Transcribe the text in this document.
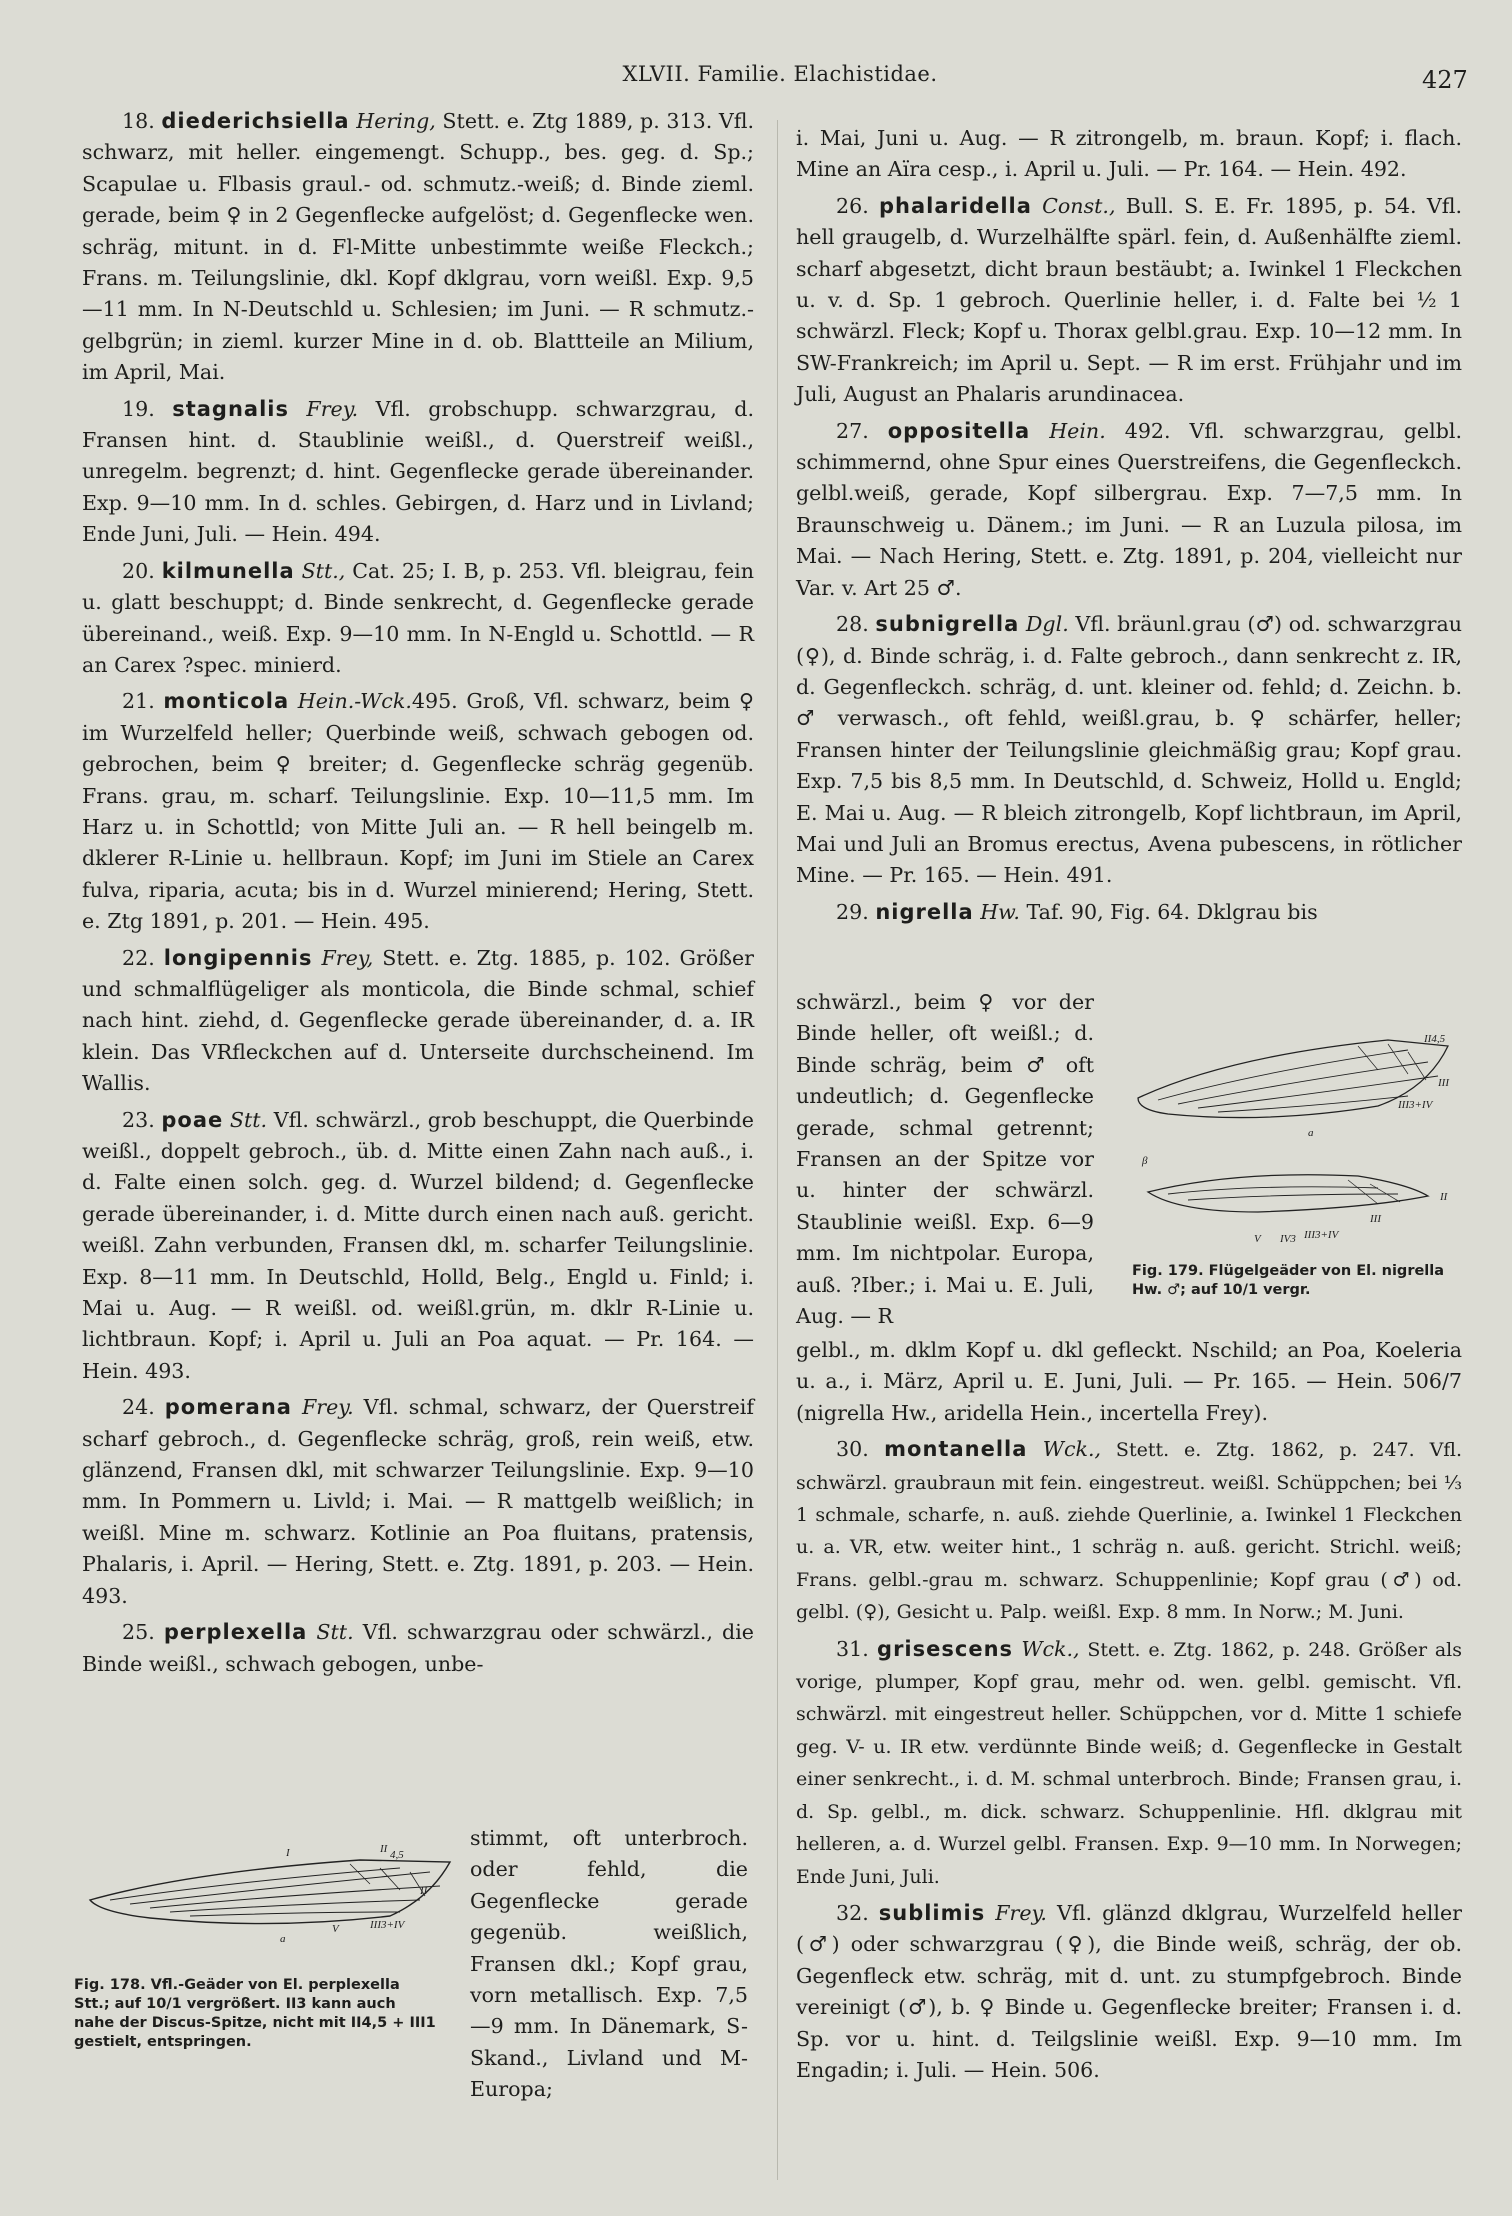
XLVII. Familie. Elachistidae.	427

18. diederichsiella Hering, Stett. e. Ztg 1889, p. 313. Vfl. schwarz, mit heller. eingemengt. Schupp., bes. geg. d. Sp.; Scapulae u. Flbasis graul.- od. schmutz.-weiß; d. Binde zieml. gerade, beim ♀ in 2 Gegenflecke aufgelöst; d. Gegenflecke wen. schräg, mitunt. in d. Fl-Mitte unbestimmte weiße Fleckch.; Frans. m. Teilungslinie, dkl. Kopf dklgrau, vorn weißl. Exp. 9,5—11 mm. In N-Deutschld u. Schlesien; im Juni. — R schmutz.-gelbgrün; in zieml. kurzer Mine in d. ob. Blattteile an Milium, im April, Mai.

19. stagnalis Frey. Vfl. grobschupp. schwarzgrau, d. Fransen hint. d. Staublinie weißl., d. Querstreif weißl., unregelm. begrenzt; d. hint. Gegenflecke gerade übereinander. Exp. 9—10 mm. In d. schles. Gebirgen, d. Harz und in Livland; Ende Juni, Juli. — Hein. 494.

20. kilmunella Stt., Cat. 25; I. B, p. 253. Vfl. bleigrau, fein u. glatt beschuppt; d. Binde senkrecht, d. Gegenflecke gerade übereinand., weiß. Exp. 9—10 mm. In N-Engld u. Schottld. — R an Carex ?spec. minierd.

21. monticola Hein.-Wck.495. Groß, Vfl. schwarz, beim ♀ im Wurzelfeld heller; Querbinde weiß, schwach gebogen od. gebrochen, beim ♀ breiter; d. Gegenflecke schräg gegenüb. Frans. grau, m. scharf. Teilungslinie. Exp. 10—11,5 mm. Im Harz u. in Schottld; von Mitte Juli an. — R hell beingelb m. dklerer R-Linie u. hellbraun. Kopf; im Juni im Stiele an Carex fulva, riparia, acuta; bis in d. Wurzel minierend; Hering, Stett. e. Ztg 1891, p. 201. — Hein. 495.

22. longipennis Frey, Stett. e. Ztg. 1885, p. 102. Größer und schmalflügeliger als monticola, die Binde schmal, schief nach hint. ziehd, d. Gegenflecke gerade übereinander, d. a. IR klein. Das VRfleckchen auf d. Unterseite durchscheinend. Im Wallis.

23. poae Stt. Vfl. schwärzl., grob beschuppt, die Querbinde weißl., doppelt gebroch., üb. d. Mitte einen Zahn nach auß., i. d. Falte einen solch. geg. d. Wurzel bildend; d. Gegenflecke gerade übereinander, i. d. Mitte durch einen nach auß. gericht. weißl. Zahn verbunden, Fransen dkl, m. scharfer Teilungslinie. Exp. 8—11 mm. In Deutschld, Holld, Belg., Engld u. Finld; i. Mai u. Aug. — R weißl. od. weißl.grün, m. dklr R-Linie u. lichtbraun. Kopf; i. April u. Juli an Poa aquat. — Pr. 164. — Hein. 493.

24. pomerana Frey. Vfl. schmal, schwarz, der Querstreif scharf gebroch., d. Gegenflecke schräg, groß, rein weiß, etw. glänzend, Fransen dkl, mit schwarzer Teilungslinie. Exp. 9—10 mm. In Pommern u. Livld; i. Mai. — R mattgelb weißlich; in weißl. Mine m. schwarz. Kotlinie an Poa fluitans, pratensis, Phalaris, i. April. — Hering, Stett. e. Ztg. 1891, p. 203. — Hein. 493.

25. perplexella Stt. Vfl. schwarzgrau oder schwärzl., die Binde weißl., schwach gebogen, unbe-

I	II 4,5
II
III3+IV
V
a
Fig. 178. Vfl.-Geäder von El. perplexella Stt.; auf 10/1 vergrößert. II3 kann auch nahe der Discus-Spitze, nicht mit II4,5 + III1 gestielt, entspringen.

stimmt, oft unterbroch. oder fehld, die Gegenflecke gerade gegenüb. weißlich, Fransen dkl.; Kopf grau, vorn metallisch. Exp. 7,5—9 mm. In Dänemark, S-Skand., Livland und M-Europa;

i. Mai, Juni u. Aug. — R zitrongelb, m. braun. Kopf; i. flach. Mine an Aïra cesp., i. April u. Juli. — Pr. 164. — Hein. 492.

26. phalaridella Const., Bull. S. E. Fr. 1895, p. 54. Vfl. hell graugelb, d. Wurzelhälfte spärl. fein, d. Außenhälfte zieml. scharf abgesetzt, dicht braun bestäubt; a. Iwinkel 1 Fleckchen u. v. d. Sp. 1 gebroch. Querlinie heller, i. d. Falte bei ½ 1 schwärzl. Fleck; Kopf u. Thorax gelbl.grau. Exp. 10—12 mm. In SW-Frankreich; im April u. Sept. — R im erst. Frühjahr und im Juli, August an Phalaris arundinacea.

27. oppositella Hein. 492. Vfl. schwarzgrau, gelbl. schimmernd, ohne Spur eines Querstreifens, die Gegenfleckch. gelbl.weiß, gerade, Kopf silbergrau. Exp. 7—7,5 mm. In Braunschweig u. Dänem.; im Juni. — R an Luzula pilosa, im Mai. — Nach Hering, Stett. e. Ztg. 1891, p. 204, vielleicht nur Var. v. Art 25 ♂.

28. subnigrella Dgl. Vfl. bräunl.grau (♂) od. schwarzgrau (♀), d. Binde schräg, i. d. Falte gebroch., dann senkrecht z. IR, d. Gegenfleckch. schräg, d. unt. kleiner od. fehld; d. Zeichn. b. ♂ verwasch., oft fehld, weißl.grau, b. ♀ schärfer, heller; Fransen hinter der Teilungslinie gleichmäßig grau; Kopf grau. Exp. 7,5 bis 8,5 mm. In Deutschld, d. Schweiz, Holld u. Engld; E. Mai u. Aug. — R bleich zitrongelb, Kopf lichtbraun, im April, Mai und Juli an Bromus erectus, Avena pubescens, in rötlicher Mine. — Pr. 165. — Hein. 491.

29. nigrella Hw. Taf. 90, Fig. 64. Dklgrau bis

schwärzl., beim ♀ vor der Binde heller, oft weißl.; d. Binde schräg, beim ♂ oft undeutlich; d. Gegenflecke gerade, schmal getrennt; Fransen an der Spitze vor u. hinter der schwärzl. Staublinie weißl. Exp. 6—9 mm. Im nichtpolar. Europa, auß. ?Iber.; i. Mai u. E. Juli, Aug. — R

II4,5
III
III3+IV
a
β
II
III
V IV3 III3+IV
Fig. 179. Flügelgeäder von El. nigrella Hw. ♂; auf 10/1 vergr.

gelbl., m. dklm Kopf u. dkl gefleckt. Nschild; an Poa, Koeleria u. a., i. März, April u. E. Juni, Juli. — Pr. 165. — Hein. 506/7 (nigrella Hw., aridella Hein., incertella Frey).

30. montanella Wck., Stett. e. Ztg. 1862, p. 247. Vfl. schwärzl. graubraun mit fein. eingestreut. weißl. Schüppchen; bei ⅓ 1 schmale, scharfe, n. auß. ziehde Querlinie, a. Iwinkel 1 Fleckchen u. a. VR, etw. weiter hint., 1 schräg n. auß. gericht. Strichl. weiß; Frans. gelbl.-grau m. schwarz. Schuppenlinie; Kopf grau (♂) od. gelbl. (♀), Gesicht u. Palp. weißl. Exp. 8 mm. In Norw.; M. Juni.

31. grisescens Wck., Stett. e. Ztg. 1862, p. 248. Größer als vorige, plumper, Kopf grau, mehr od. wen. gelbl. gemischt. Vfl. schwärzl. mit eingestreut heller. Schüppchen, vor d. Mitte 1 schiefe geg. V- u. IR etw. verdünnte Binde weiß; d. Gegenflecke in Gestalt einer senkrecht., i. d. M. schmal unterbroch. Binde; Fransen grau, i. d. Sp. gelbl., m. dick. schwarz. Schuppenlinie. Hfl. dklgrau mit helleren, a. d. Wurzel gelbl. Fransen. Exp. 9—10 mm. In Norwegen; Ende Juni, Juli.

32. sublimis Frey. Vfl. glänzd dklgrau, Wurzelfeld heller (♂) oder schwarzgrau (♀), die Binde weiß, schräg, der ob. Gegenfleck etw. schräg, mit d. unt. zu stumpfgebroch. Binde vereinigt (♂), b. ♀ Binde u. Gegenflecke breiter; Fransen i. d. Sp. vor u. hint. d. Teilgslinie weißl. Exp. 9—10 mm. Im Engadin; i. Juli. — Hein. 506.
